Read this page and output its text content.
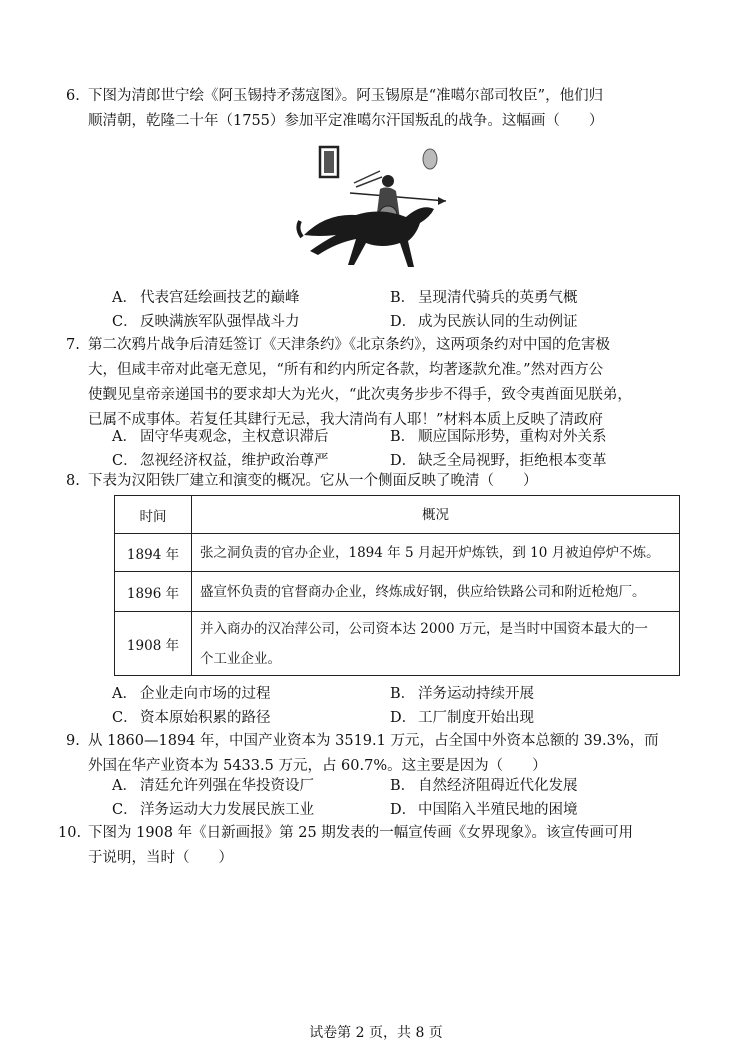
6. 下图为清郎世宁绘《阿玉锡持矛荡寇图》。阿玉锡原是“准噶尔部司牧臣”，他们归

顺清朝，乾隆二十年（1755）参加平定准噶尔汗国叛乱的战争。这幅画（　　）

A． 代表宫廷绘画技艺的巅峰	B． 呈现清代骑兵的英勇气概
C． 反映满族军队强悍战斗力	D． 成为民族认同的生动例证
7. 第二次鸦片战争后清廷签订《天津条约》《北京条约》，这两项条约对中国的危害极

大，但咸丰帝对此毫无意见，“所有和约内所定各款，均著逐款允准。”然对西方公

使觐见皇帝亲递国书的要求却大为光火，“此次夷务步步不得手，致令夷酋面见朕弟，

已属不成事体。若复任其肆行无忌，我大清尚有人耶！”材料本质上反映了清政府

A． 固守华夷观念，主权意识滞后	B． 顺应国际形势，重构对外关系
C． 忽视经济权益，维护政治尊严	D． 缺乏全局视野，拒绝根本变革
8. 下表为汉阳铁厂建立和演变的概况。它从一个侧面反映了晚清（　　）

时间	概况
1894 年	张之洞负责的官办企业，1894 年 5 月起开炉炼铁，到 10 月被迫停炉不炼。
1896 年	盛宣怀负责的官督商办企业，终炼成好钢，供应给铁路公司和附近枪炮厂。
1908 年	并入商办的汉冶萍公司，公司资本达 2000 万元，是当时中国资本最大的一
个工业企业。
A． 企业走向市场的过程	B． 洋务运动持续开展
C． 资本原始积累的路径	D． 工厂制度开始出现
9. 从 1860—1894 年，中国产业资本为 3519.1 万元，占全国中外资本总额的 39.3%，而

外国在华产业资本为 5433.5 万元，占 60.7%。这主要是因为（　　）

A． 清廷允许列强在华投资设厂	B． 自然经济阻碍近代化发展
C． 洋务运动大力发展民族工业	D． 中国陷入半殖民地的困境
10. 下图为 1908 年《日新画报》第 25 期发表的一幅宣传画《女界现象》。该宣传画可用

于说明，当时（　　）

试卷第 2 页，共 8 页
